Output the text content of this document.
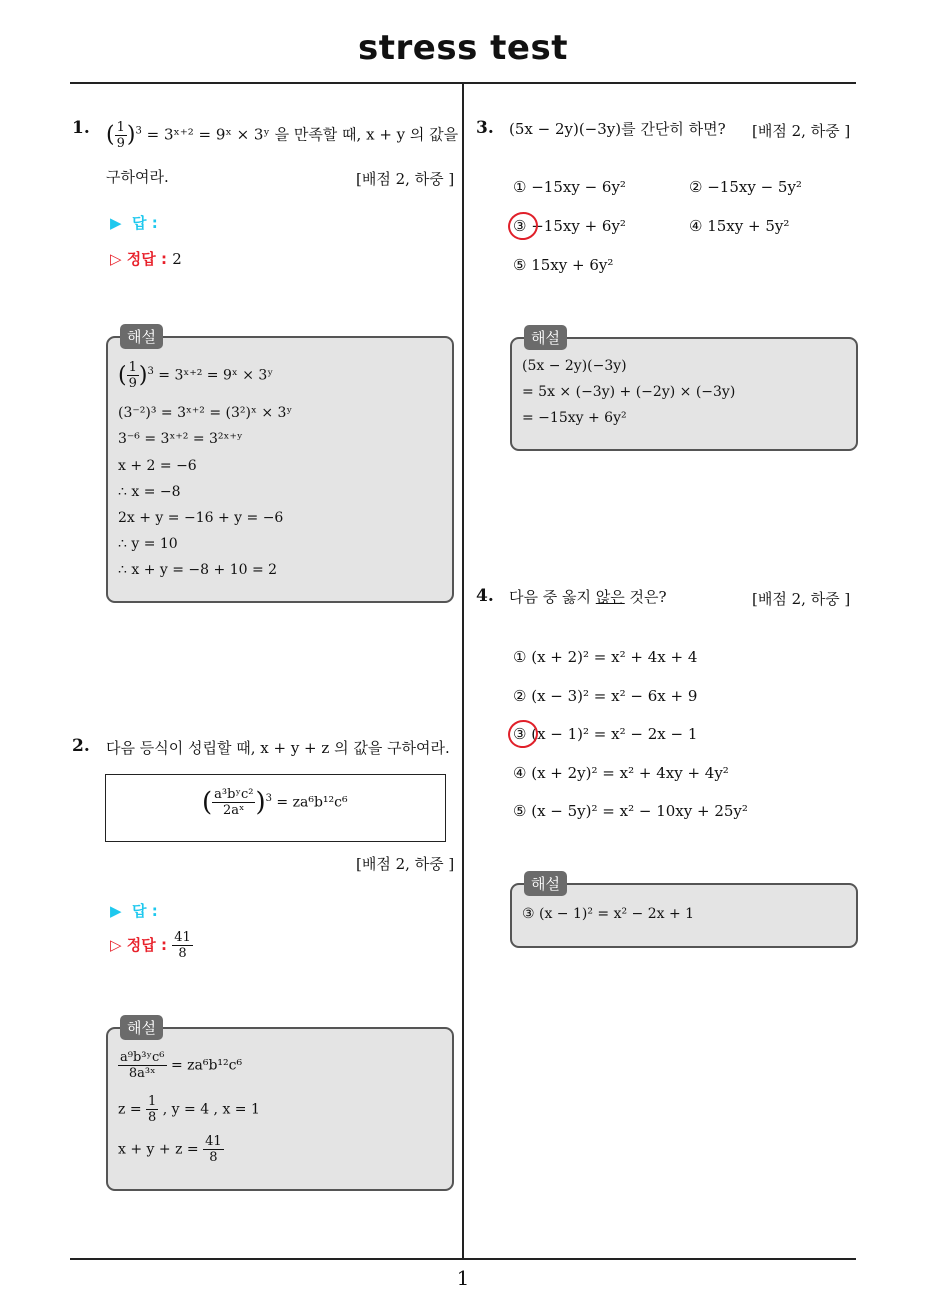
stress test
1
1. ( $\frac{1}{9} )^3$ = 3ˣ⁺² = 9ˣ × 3ʸ 을 만족할 때, x + y 의 값을
구하여라.	[배점 2, 하중 ]
▶ 답 :
▷ 정답 : 2
해설
( $\frac{1}{9} )^3$ = 3ˣ⁺² = 9ˣ × 3ʸ
(3⁻²)³ = 3ˣ⁺² = (3²)ˣ × 3ʸ
3⁻⁶ = 3ˣ⁺² = 3²ˣ⁺ʸ
x + 2 = −6
∴ x = −8
2x + y = −16 + y = −6
∴ y = 10
∴ x + y = −8 + 10 = 2
2. 다음 등식이 성립할 때, x + y + z 의 값을 구하여라.
( $\frac{\text{a³bʸc²}}{\text{2aˣ}} )^3 = za^6b^{12}c^6$
[배점 2, 하중 ]
▶ 답 :
▷ 정답 : $\frac{41}{8}$
해설
$\frac{\text{a⁹b³ʸc⁶}}{\text{8a³ˣ}} = za^6b^{12}c^6$
$z = \frac{1}{8}$ , y = 4 , x = 1
$x + y + z = \frac{41}{8}$
3. (5x − 2y)(−3y)를 간단히 하면? [배점 2, 하중 ]
① −15xy − 6y²	② −15xy − 5y²
③ −15xy + 6y²	④ 15xy + 5y²
⑤ 15xy + 6y²
해설
(5x − 2y)(−3y)
= 5x × (−3y) + (−2y) × (−3y)
= −15xy + 6y²
4. 다음 중 옳지 않은 것은?	[배점 2, 하중 ]
① (x + 2)² = x² + 4x + 4
② (x − 3)² = x² − 6x + 9
③ (x − 1)² = x² − 2x − 1
④ (x + 2y)² = x² + 4xy + 4y²
⑤ (x − 5y)² = x² − 10xy + 25y²
해설
③ (x − 1)² = x² − 2x + 1
